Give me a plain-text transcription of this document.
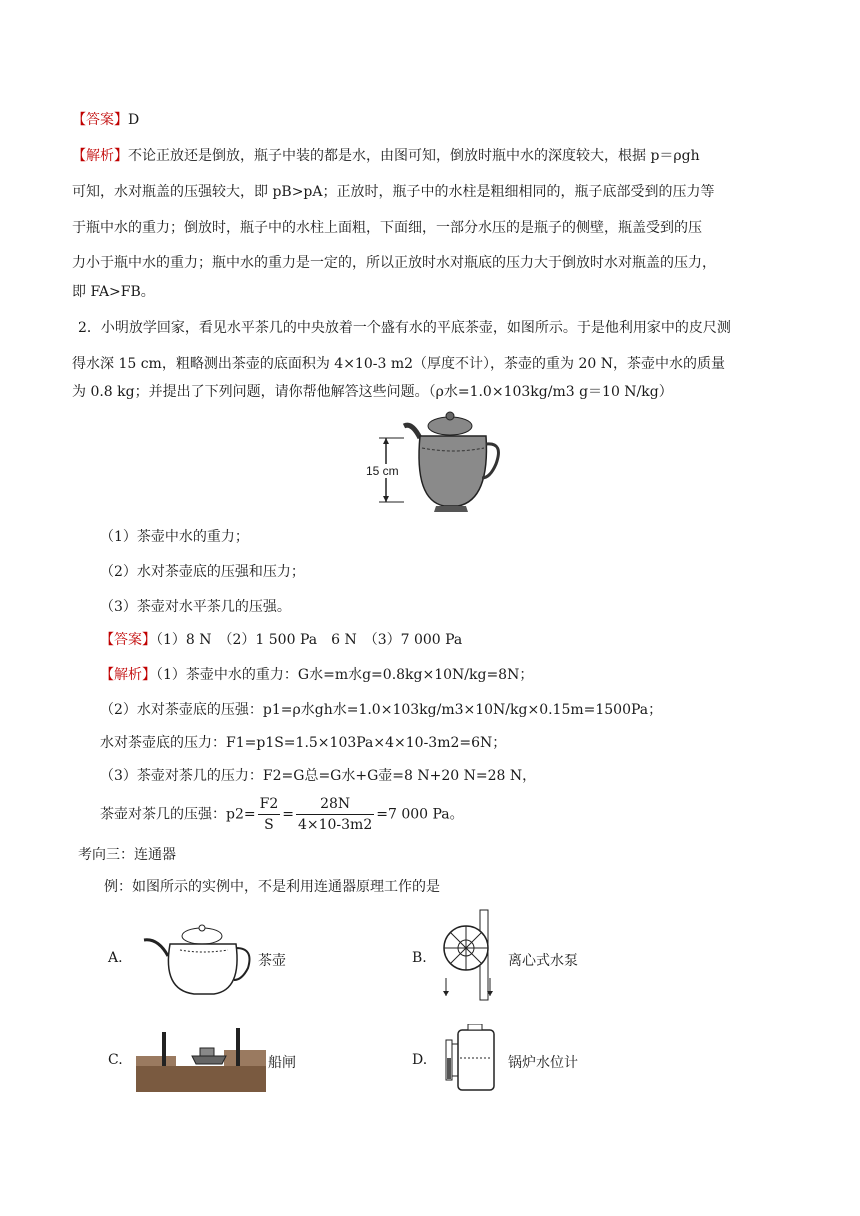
【答案】D
【解析】不论正放还是倒放，瓶子中装的都是水，由图可知，倒放时瓶中水的深度较大，根据 p＝ρgh
可知，水对瓶盖的压强较大，即 pB>pA；正放时，瓶子中的水柱是粗细相同的，瓶子底部受到的压力等
于瓶中水的重力；倒放时，瓶子中的水柱上面粗，下面细，一部分水压的是瓶子的侧壁，瓶盖受到的压
力小于瓶中水的重力；瓶中水的重力是一定的，所以正放时水对瓶底的压力大于倒放时水对瓶盖的压力，
即 FA>FB。
2．小明放学回家，看见水平茶几的中央放着一个盛有水的平底茶壶，如图所示。于是他利用家中的皮尺测
得水深 15 cm，粗略测出茶壶的底面积为 4×10-3 m2（厚度不计），茶壶的重为 20 N，茶壶中水的质量
为 0.8 kg；并提出了下列问题，请你帮他解答这些问题。（ρ水=1.0×103kg/m3 g＝10 N/kg）
15 cm
（1）茶壶中水的重力；
（2）水对茶壶底的压强和压力；
（3）茶壶对水平茶几的压强。
【答案】（1）8 N　（2）1 500 Pa　6 N　（3）7 000 Pa
【解析】（1）茶壶中水的重力：G水=m水g=0.8kg×10N/kg=8N；
（2）水对茶壶底的压强：p1=ρ水gh水=1.0×103kg/m3×10N/kg×0.15m=1500Pa；
水对茶壶底的压力：F1=p1S=1.5×103Pa×4×10-3m2=6N；
（3）茶壶对茶几的压力：F2=G总=G水+G壶=8 N+20 N=28 N，
茶壶对茶几的压强：$p2= \frac{F2}{S} = \frac{28N}{4\times 10-3m2} =7$ 000 Pa。
考向三：连通器
例：如图所示的实例中，不是利用连通器原理工作的是
A.	茶壶	B.	离心式水泵
C.	船闸	D.	锅炉水位计
